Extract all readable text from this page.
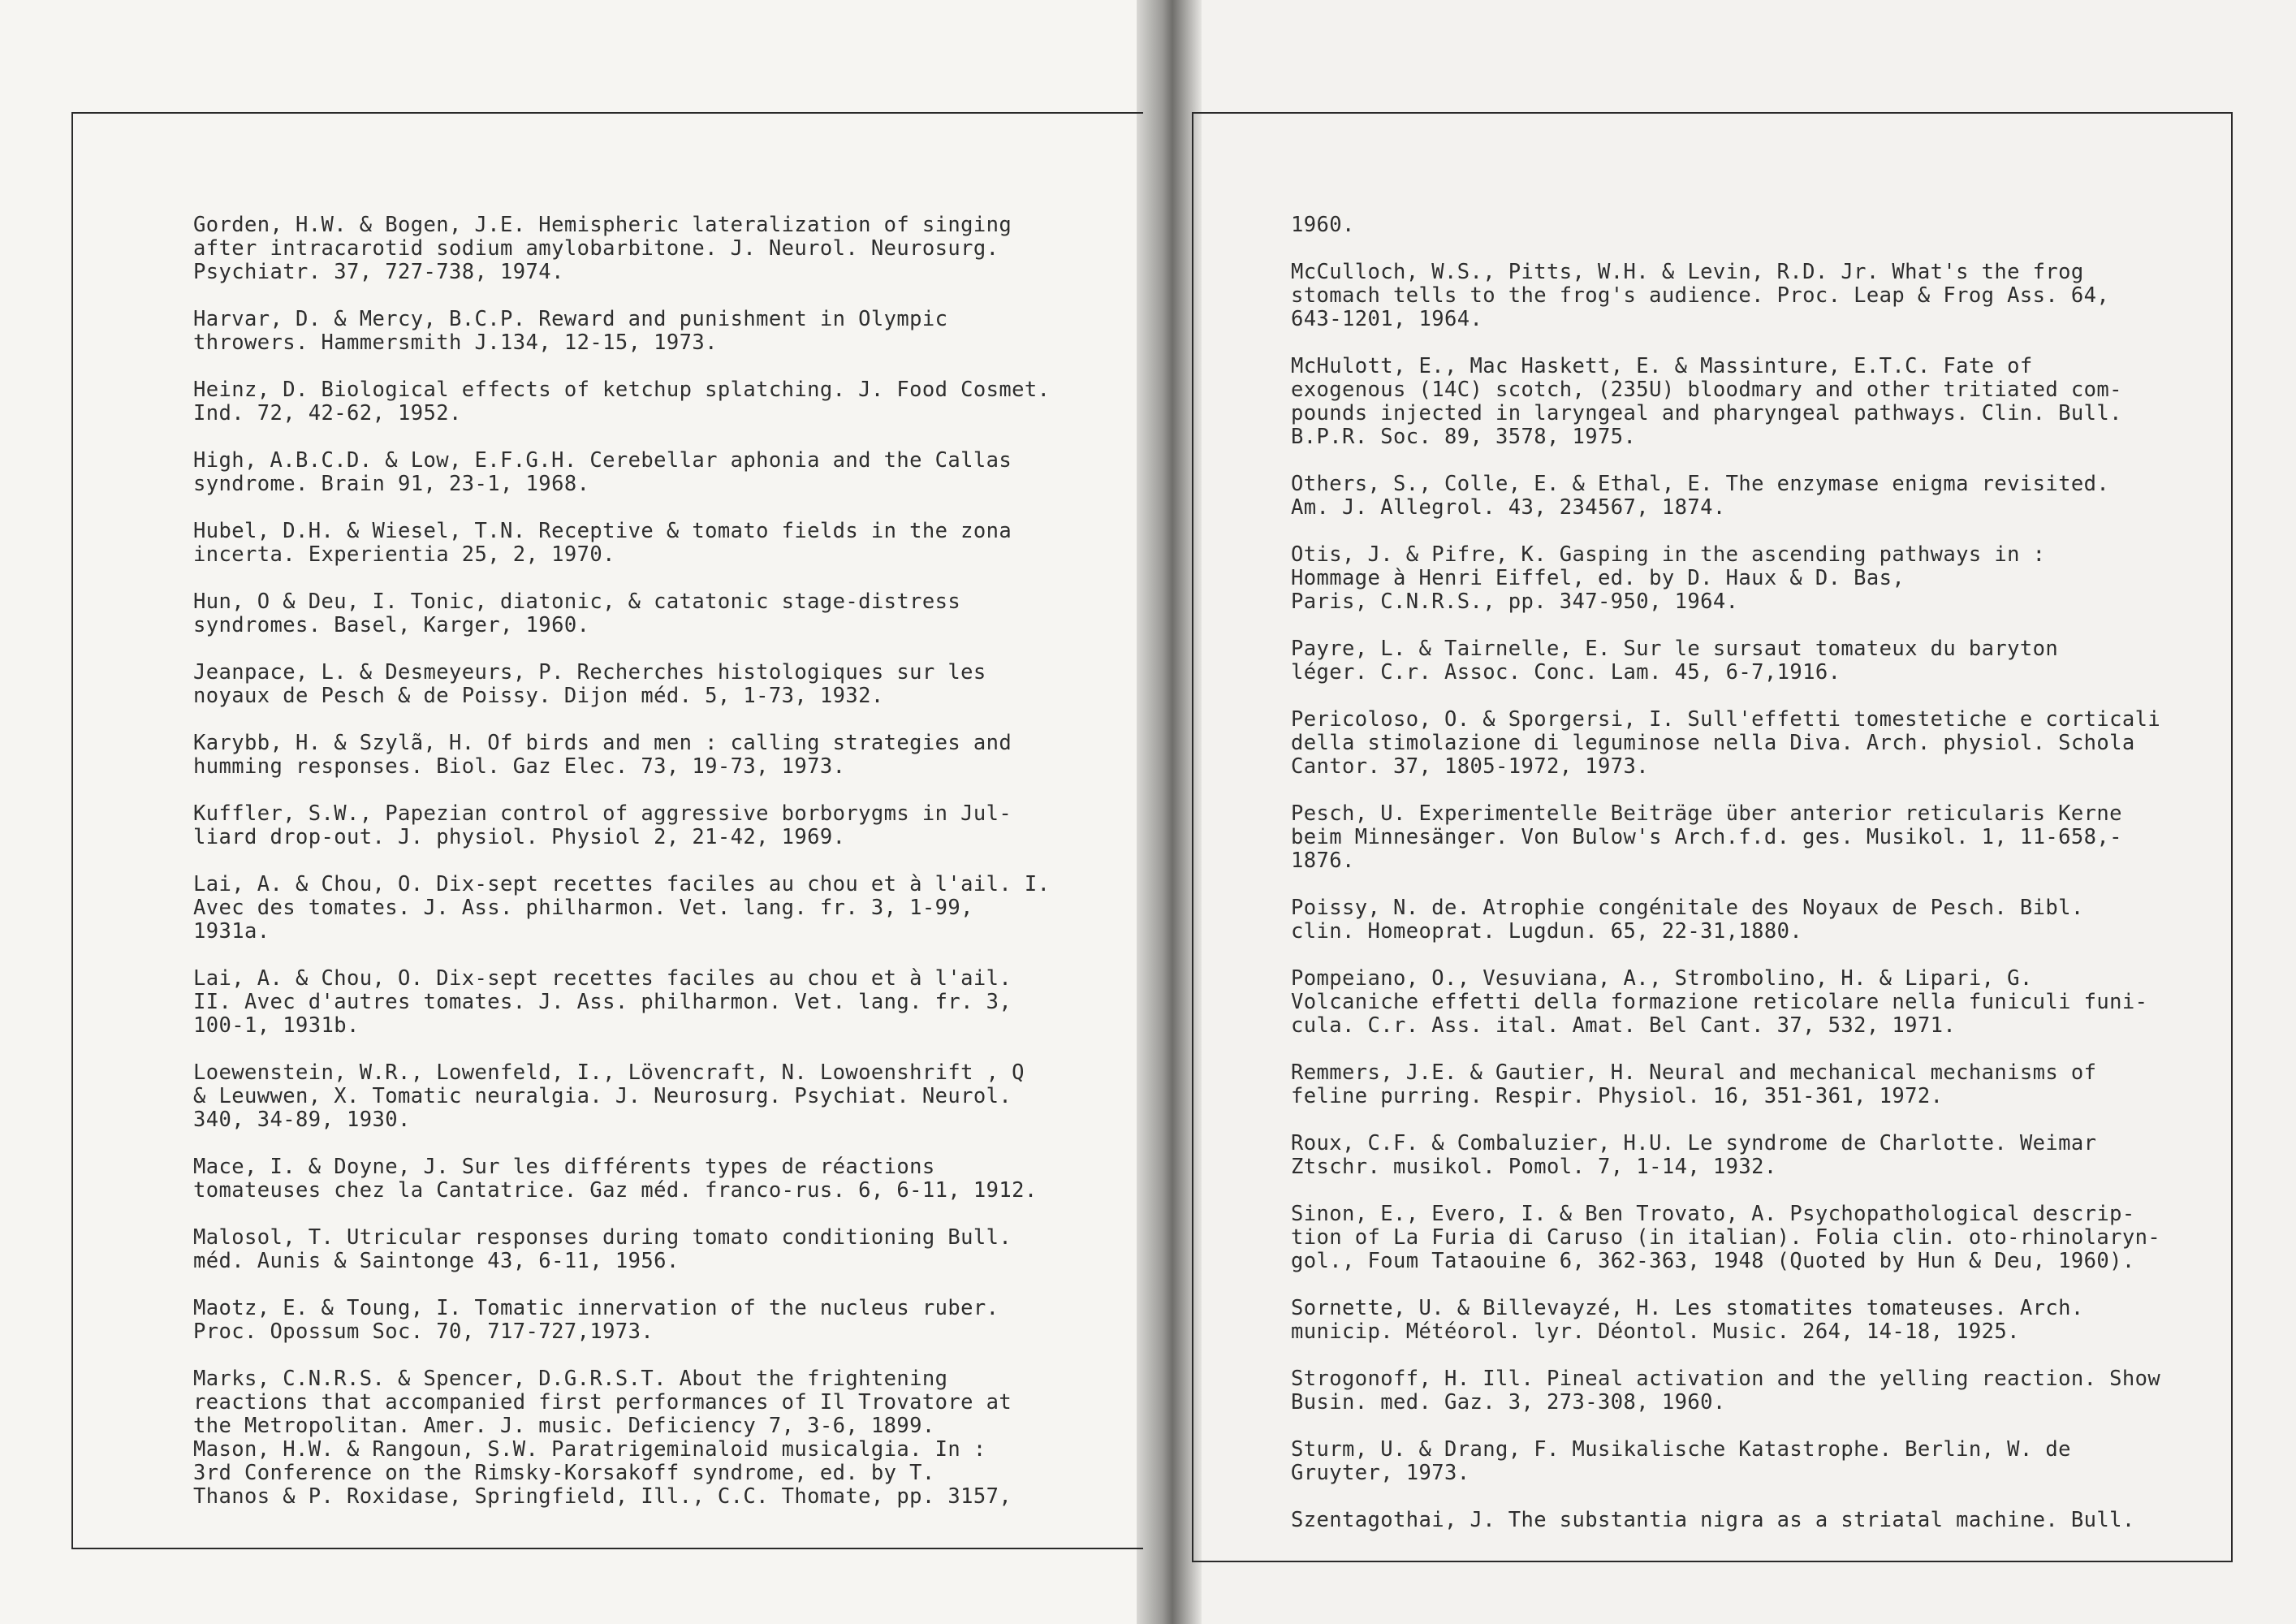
Gorden, H.W. & Bogen, J.E. Hemispheric lateralization of singing
after intracarotid sodium amylobarbitone. J. Neurol. Neurosurg.
Psychiatr. 37, 727-738, 1974.
Harvar, D. & Mercy, B.C.P. Reward and punishment in Olympic
throwers. Hammersmith J.134, 12-15, 1973.
Heinz, D. Biological effects of ketchup splatching. J. Food Cosmet.
Ind. 72, 42-62, 1952.
High, A.B.C.D. & Low, E.F.G.H. Cerebellar aphonia and the Callas
syndrome. Brain 91, 23-1, 1968.
Hubel, D.H. & Wiesel, T.N. Receptive & tomato fields in the zona
incerta. Experientia 25, 2, 1970.
Hun, O & Deu, I. Tonic, diatonic, & catatonic stage-distress
syndromes. Basel, Karger, 1960.
Jeanpace, L. & Desmeyeurs, P. Recherches histologiques sur les
noyaux de Pesch & de Poissy. Dijon méd. 5, 1-73, 1932.
Karybb, H. & Szylã, H. Of birds and men : calling strategies and
humming responses. Biol. Gaz Elec. 73, 19-73, 1973.
Kuffler, S.W., Papezian control of aggressive borborygms in Jul-
liard drop-out. J. physiol. Physiol 2, 21-42, 1969.
Lai, A. & Chou, O. Dix-sept recettes faciles au chou et à l'ail. I.
Avec des tomates. J. Ass. philharmon. Vet. lang. fr. 3, 1-99,
1931a.
Lai, A. & Chou, O. Dix-sept recettes faciles au chou et à l'ail.
II. Avec d'autres tomates. J. Ass. philharmon. Vet. lang. fr. 3,
100-1, 1931b.
Loewenstein, W.R., Lowenfeld, I., Lövencraft, N. Lowoenshrift , Q
& Leuwwen, X. Tomatic neuralgia. J. Neurosurg. Psychiat. Neurol.
340, 34-89, 1930.
Mace, I. & Doyne, J. Sur les différents types de réactions
tomateuses chez la Cantatrice. Gaz méd. franco-rus. 6, 6-11, 1912.
Malosol, T. Utricular responses during tomato conditioning Bull.
méd. Aunis & Saintonge 43, 6-11, 1956.
Maotz, E. & Toung, I. Tomatic innervation of the nucleus ruber.
Proc. Opossum Soc. 70, 717-727,1973.
Marks, C.N.R.S. & Spencer, D.G.R.S.T. About the frightening
reactions that accompanied first performances of Il Trovatore at
the Metropolitan. Amer. J. music. Deficiency 7, 3-6, 1899.
Mason, H.W. & Rangoun, S.W. Paratrigeminaloid musicalgia. In :
3rd Conference on the Rimsky-Korsakoff syndrome, ed. by T.
Thanos & P. Roxidase, Springfield, Ill., C.C. Thomate, pp. 3157,
1960.
McCulloch, W.S., Pitts, W.H. & Levin, R.D. Jr. What's the frog
stomach tells to the frog's audience. Proc. Leap & Frog Ass. 64,
643-1201, 1964.
McHulott, E., Mac Haskett, E. & Massinture, E.T.C. Fate of
exogenous (14C) scotch, (235U) bloodmary and other tritiated com-
pounds injected in laryngeal and pharyngeal pathways. Clin. Bull.
B.P.R. Soc. 89, 3578, 1975.
Others, S., Colle, E. & Ethal, E. The enzymase enigma revisited.
Am. J. Allegrol. 43, 234567, 1874.
Otis, J. & Pifre, K. Gasping in the ascending pathways in :
Hommage à Henri Eiffel, ed. by D. Haux & D. Bas,
Paris, C.N.R.S., pp. 347-950, 1964.
Payre, L. & Tairnelle, E. Sur le sursaut tomateux du baryton
léger. C.r. Assoc. Conc. Lam. 45, 6-7,1916.
Pericoloso, O. & Sporgersi, I. Sull'effetti tomestetiche e corticali
della stimolazione di leguminose nella Diva. Arch. physiol. Schola
Cantor. 37, 1805-1972, 1973.
Pesch, U. Experimentelle Beiträge über anterior reticularis Kerne
beim Minnesänger. Von Bulow's Arch.f.d. ges. Musikol. 1, 11-658,-
1876.
Poissy, N. de. Atrophie congénitale des Noyaux de Pesch. Bibl.
clin. Homeoprat. Lugdun. 65, 22-31,1880.
Pompeiano, O., Vesuviana, A., Strombolino, H. & Lipari, G.
Volcaniche effetti della formazione reticolare nella funiculi funi-
cula. C.r. Ass. ital. Amat. Bel Cant. 37, 532, 1971.
Remmers, J.E. & Gautier, H. Neural and mechanical mechanisms of
feline purring. Respir. Physiol. 16, 351-361, 1972.
Roux, C.F. & Combaluzier, H.U. Le syndrome de Charlotte. Weimar
Ztschr. musikol. Pomol. 7, 1-14, 1932.
Sinon, E., Evero, I. & Ben Trovato, A. Psychopathological descrip-
tion of La Furia di Caruso (in italian). Folia clin. oto-rhinolaryn-
gol., Foum Tataouine 6, 362-363, 1948 (Quoted by Hun & Deu, 1960).
Sornette, U. & Billevayzé, H. Les stomatites tomateuses. Arch.
municip. Météorol. lyr. Déontol. Music. 264, 14-18, 1925.
Strogonoff, H. Ill. Pineal activation and the yelling reaction. Show
Busin. med. Gaz. 3, 273-308, 1960.
Sturm, U. & Drang, F. Musikalische Katastrophe. Berlin, W. de
Gruyter, 1973.
Szentagothai, J. The substantia nigra as a striatal machine. Bull.
